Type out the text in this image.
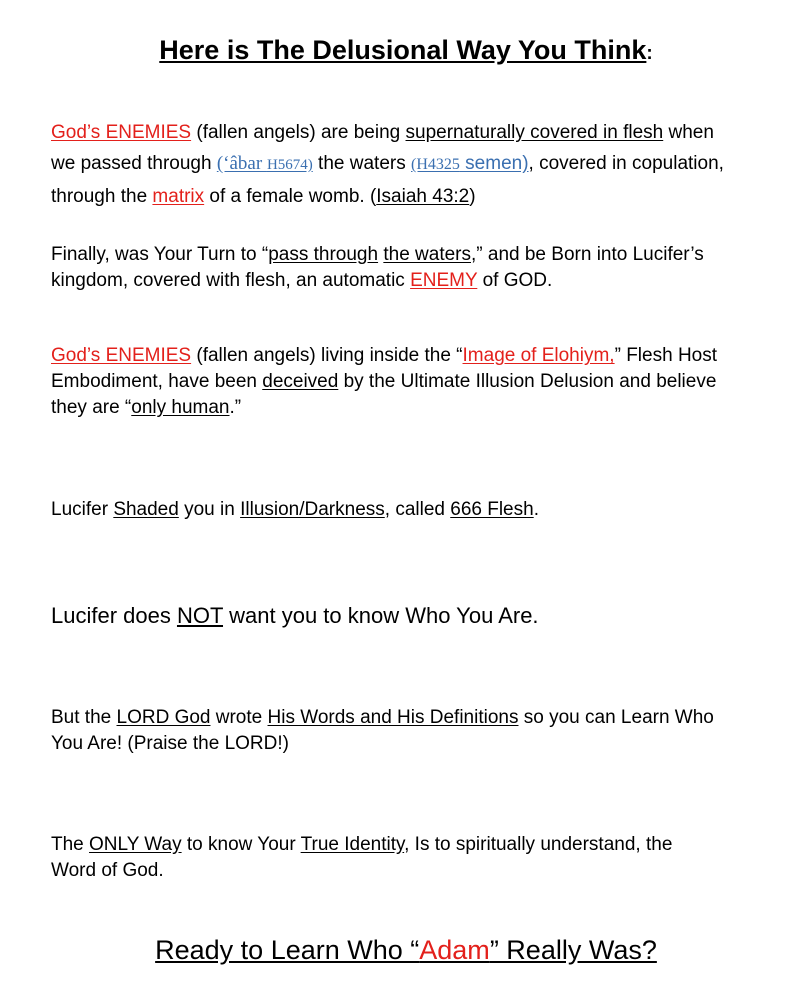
Here is The Delusional Way You Think:

God’s ENEMIES (fallen angels) are being supernaturally covered in flesh when
we passed through (‘âbar H5674) the waters (H4325 semen), covered in copulation,
through the matrix of a female womb. (Isaiah 43:2)

Finally, was Your Turn to “pass through the waters,” and be Born into Lucifer’s
kingdom, covered with flesh, an automatic ENEMY of GOD.

God’s ENEMIES (fallen angels) living inside the “Image of Elohiym,” Flesh Host
Embodiment, have been deceived by the Ultimate Illusion Delusion and believe
they are “only human.”

Lucifer Shaded you in Illusion/Darkness, called 666 Flesh.

Lucifer does NOT want you to know Who You Are.

But the LORD God wrote His Words and His Definitions so you can Learn Who
You Are! (Praise the LORD!)

The ONLY Way to know Your True Identity, Is to spiritually understand, the
Word of God.

Ready to Learn Who “Adam” Really Was?
